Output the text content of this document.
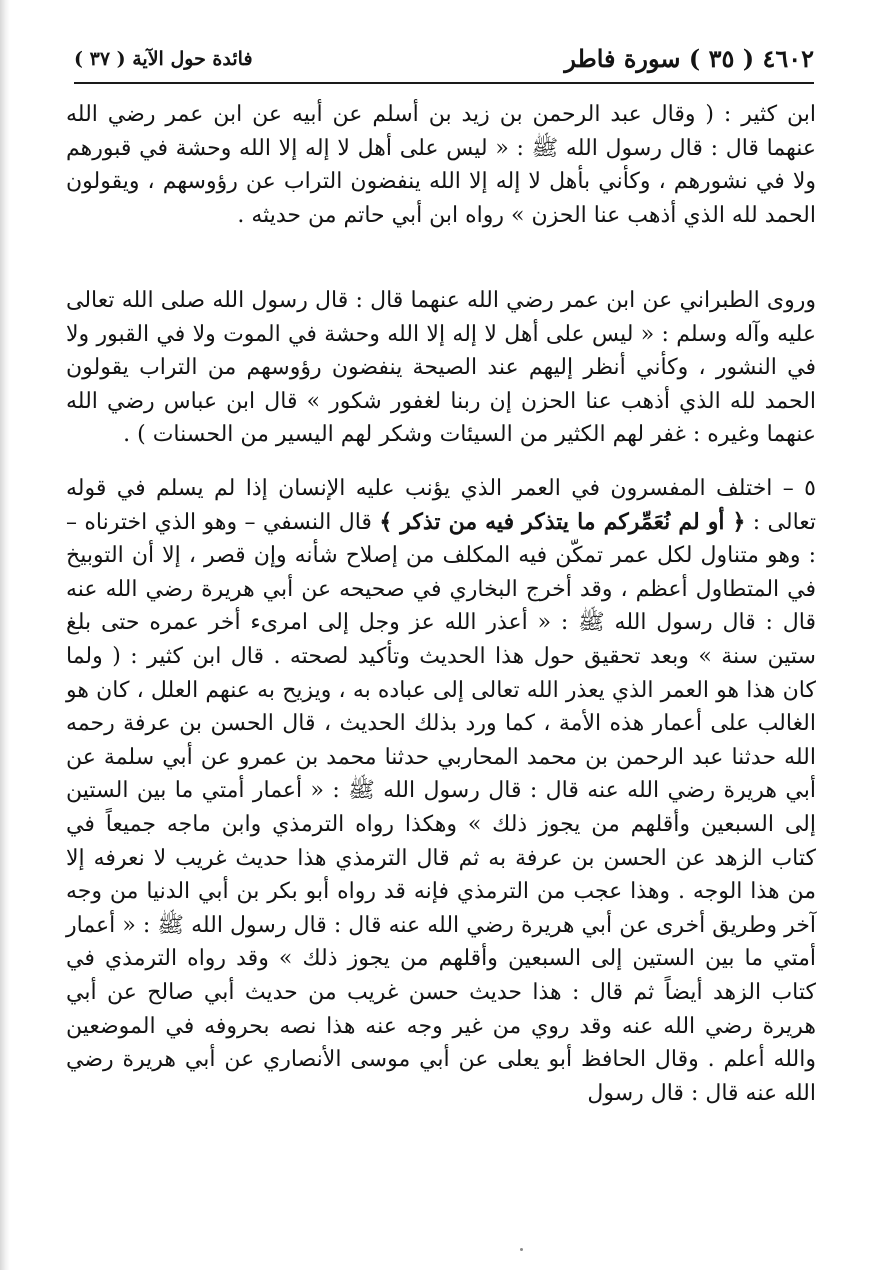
٤٦٠٢ ( ٣٥ ) سورة فاطر
فائدة حول الآية ( ٣٧ )

ابن كثير : ( وقال عبد الرحمن بن زيد بن أسلم عن أبيه عن ابن عمر رضي الله عنهما قال : قال رسول الله ﷺ : « ليس على أهل لا إله إلا الله وحشة في قبورهم ولا في نشورهم ، وكأني بأهل لا إله إلا الله ينفضون التراب عن رؤوسهم ، ويقولون الحمد لله الذي أذهب عنا الحزن » رواه ابن أبي حاتم من حديثه .

وروى الطبراني عن ابن عمر رضي الله عنهما قال : قال رسول الله صلى الله تعالى عليه وآله وسلم : « ليس على أهل لا إله إلا الله وحشة في الموت ولا في القبور ولا في النشور ، وكأني أنظر إليهم عند الصيحة ينفضون رؤوسهم من التراب يقولون الحمد لله الذي أذهب عنا الحزن إن ربنا لغفور شكور » قال ابن عباس رضي الله عنهما وغيره : غفر لهم الكثير من السيئات وشكر لهم اليسير من الحسنات ) .

٥ – اختلف المفسرون في العمر الذي يؤنب عليه الإنسان إذا لم يسلم في قوله تعالى : ﴿ أو لم نُعَمِّركم ما يتذكر فيه من تذكر ﴾ قال النسفي – وهو الذي اخترناه – : وهو متناول لكل عمر تمكّن فيه المكلف من إصلاح شأنه وإن قصر ، إلا أن التوبيخ في المتطاول أعظم ، وقد أخرج البخاري في صحيحه عن أبي هريرة رضي الله عنه قال : قال رسول الله ﷺ : « أعذر الله عز وجل إلى امرىء أخر عمره حتى بلغ ستين سنة » وبعد تحقيق حول هذا الحديث وتأكيد لصحته . قال ابن كثير : ( ولما كان هذا هو العمر الذي يعذر الله تعالى إلى عباده به ، ويزيح به عنهم العلل ، كان هو الغالب على أعمار هذه الأمة ، كما ورد بذلك الحديث ، قال الحسن بن عرفة رحمه الله حدثنا عبد الرحمن بن محمد المحاربي حدثنا محمد بن عمرو عن أبي سلمة عن أبي هريرة رضي الله عنه قال : قال رسول الله ﷺ : « أعمار أمتي ما بين الستين إلى السبعين وأقلهم من يجوز ذلك » وهكذا رواه الترمذي وابن ماجه جميعاً في كتاب الزهد عن الحسن بن عرفة به ثم قال الترمذي هذا حديث غريب لا نعرفه إلا من هذا الوجه . وهذا عجب من الترمذي فإنه قد رواه أبو بكر بن أبي الدنيا من وجه آخر وطريق أخرى عن أبي هريرة رضي الله عنه قال : قال رسول الله ﷺ : « أعمار أمتي ما بين الستين إلى السبعين وأقلهم من يجوز ذلك » وقد رواه الترمذي في كتاب الزهد أيضاً ثم قال : هذا حديث حسن غريب من حديث أبي صالح عن أبي هريرة رضي الله عنه وقد روي من غير وجه عنه هذا نصه بحروفه في الموضعين والله أعلم . وقال الحافظ أبو يعلى عن أبي موسى الأنصاري عن أبي هريرة رضي الله عنه قال : قال رسول
